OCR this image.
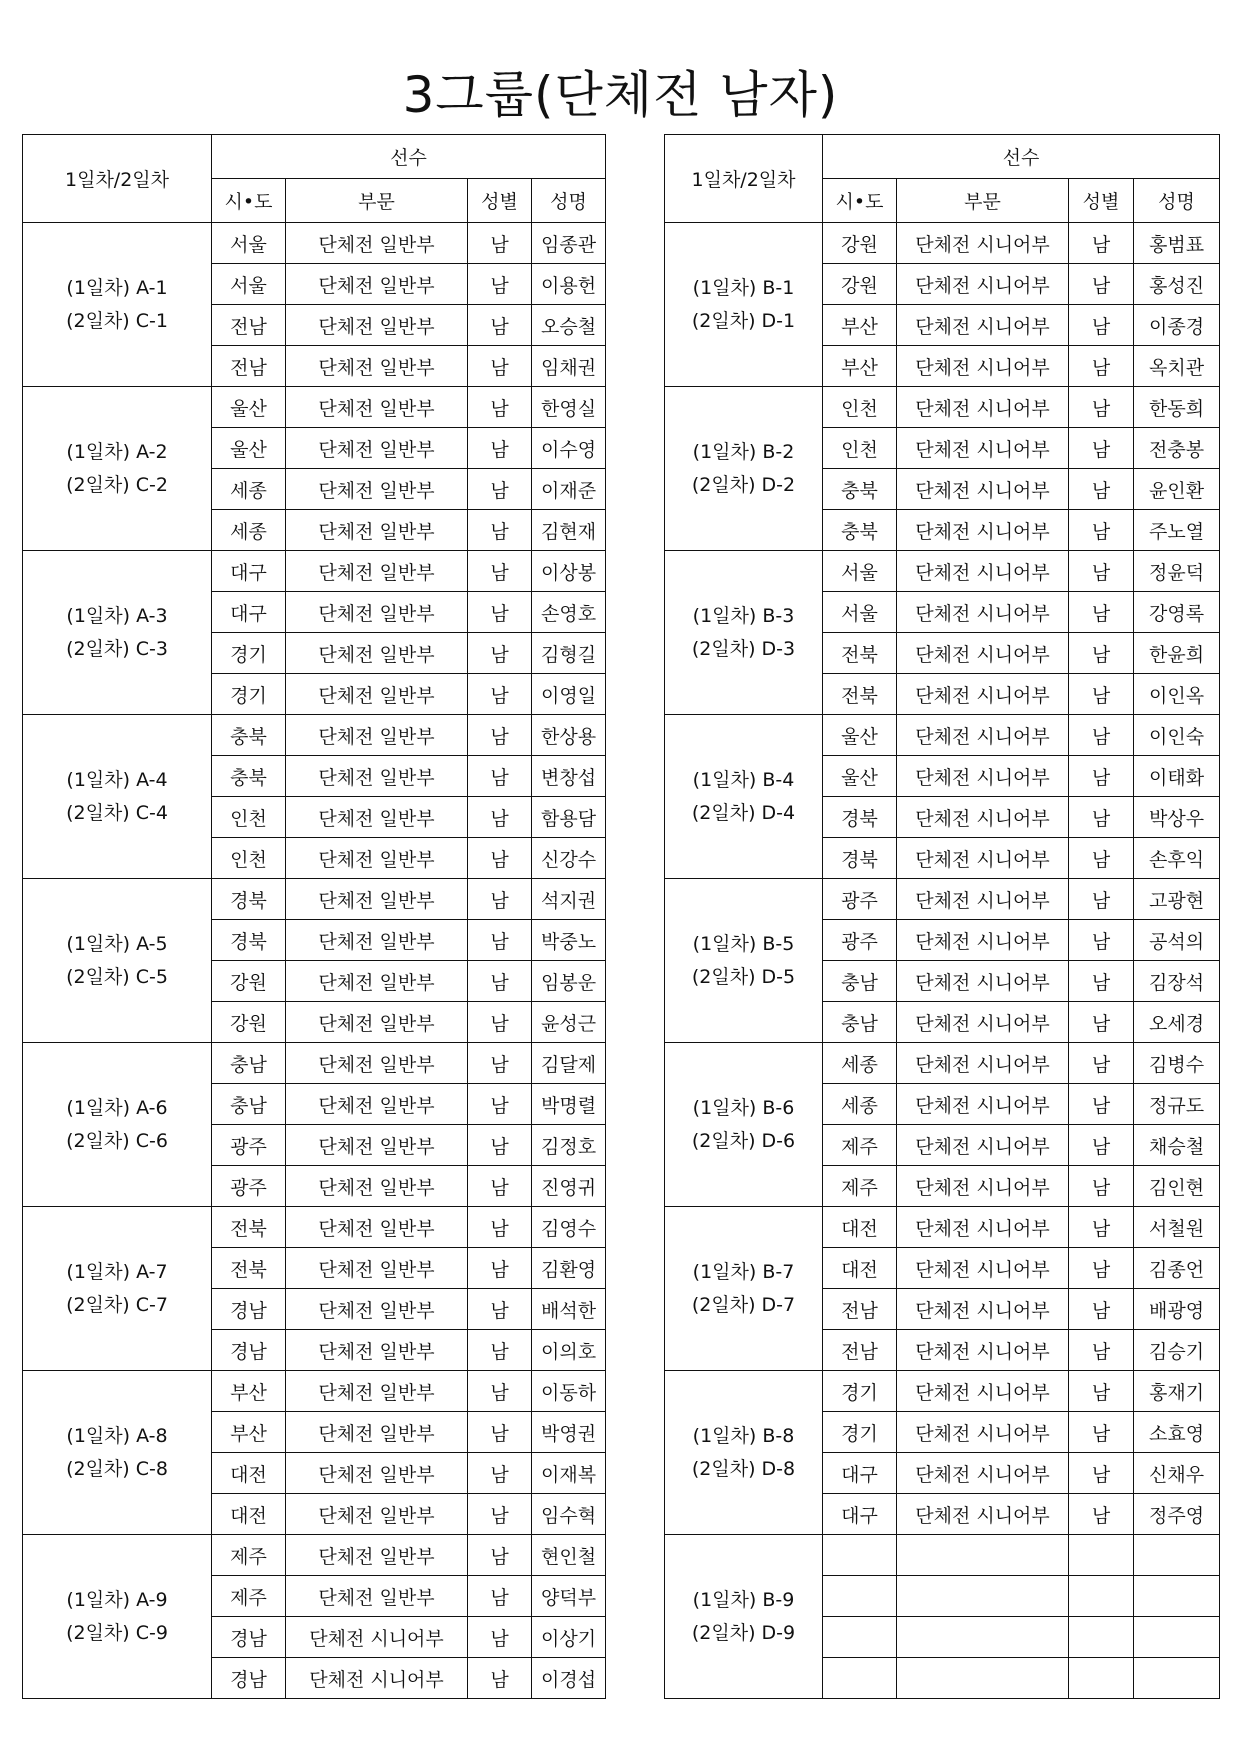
3그룹(단체전 남자)
1일차/2일차	선수			
	시•도	부문	성별	성명

(1일차) A-1
(2일차) C-1	서울	단체전 일반부	남	임종관
	서울	단체전 일반부	남	이용헌
	전남	단체전 일반부	남	오승철
	전남	단체전 일반부	남	임채권

(1일차) A-2
(2일차) C-2	울산	단체전 일반부	남	한영실
	울산	단체전 일반부	남	이수영
	세종	단체전 일반부	남	이재준
	세종	단체전 일반부	남	김현재

(1일차) A-3
(2일차) C-3	대구	단체전 일반부	남	이상봉
	대구	단체전 일반부	남	손영호
	경기	단체전 일반부	남	김형길
	경기	단체전 일반부	남	이영일

(1일차) A-4
(2일차) C-4	충북	단체전 일반부	남	한상용
	충북	단체전 일반부	남	변창섭
	인천	단체전 일반부	남	함용담
	인천	단체전 일반부	남	신강수

(1일차) A-5
(2일차) C-5	경북	단체전 일반부	남	석지권
	경북	단체전 일반부	남	박중노
	강원	단체전 일반부	남	임봉운
	강원	단체전 일반부	남	윤성근

(1일차) A-6
(2일차) C-6	충남	단체전 일반부	남	김달제
	충남	단체전 일반부	남	박명렬
	광주	단체전 일반부	남	김정호
	광주	단체전 일반부	남	진영귀

(1일차) A-7
(2일차) C-7	전북	단체전 일반부	남	김영수
	전북	단체전 일반부	남	김환영
	경남	단체전 일반부	남	배석한
	경남	단체전 일반부	남	이의호

(1일차) A-8
(2일차) C-8	부산	단체전 일반부	남	이동하
	부산	단체전 일반부	남	박영권
	대전	단체전 일반부	남	이재복
	대전	단체전 일반부	남	임수혁

(1일차) A-9
(2일차) C-9	제주	단체전 일반부	남	현인철
	제주	단체전 일반부	남	양덕부
	경남	단체전 시니어부	남	이상기
	경남	단체전 시니어부	남	이경섭
1일차/2일차	선수			
	시•도	부문	성별	성명

(1일차) B-1
(2일차) D-1	강원	단체전 시니어부	남	홍범표
	강원	단체전 시니어부	남	홍성진
	부산	단체전 시니어부	남	이종경
	부산	단체전 시니어부	남	옥치관

(1일차) B-2
(2일차) D-2	인천	단체전 시니어부	남	한동희
	인천	단체전 시니어부	남	전충봉
	충북	단체전 시니어부	남	윤인환
	충북	단체전 시니어부	남	주노열

(1일차) B-3
(2일차) D-3	서울	단체전 시니어부	남	정윤덕
	서울	단체전 시니어부	남	강영록
	전북	단체전 시니어부	남	한윤희
	전북	단체전 시니어부	남	이인옥

(1일차) B-4
(2일차) D-4	울산	단체전 시니어부	남	이인숙
	울산	단체전 시니어부	남	이태화
	경북	단체전 시니어부	남	박상우
	경북	단체전 시니어부	남	손후익

(1일차) B-5
(2일차) D-5	광주	단체전 시니어부	남	고광현
	광주	단체전 시니어부	남	공석의
	충남	단체전 시니어부	남	김장석
	충남	단체전 시니어부	남	오세경

(1일차) B-6
(2일차) D-6	세종	단체전 시니어부	남	김병수
	세종	단체전 시니어부	남	정규도
	제주	단체전 시니어부	남	채승철
	제주	단체전 시니어부	남	김인현

(1일차) B-7
(2일차) D-7	대전	단체전 시니어부	남	서철원
	대전	단체전 시니어부	남	김종언
	전남	단체전 시니어부	남	배광영
	전남	단체전 시니어부	남	김승기

(1일차) B-8
(2일차) D-8	경기	단체전 시니어부	남	홍재기
	경기	단체전 시니어부	남	소효영
	대구	단체전 시니어부	남	신채우
	대구	단체전 시니어부	남	정주영

(1일차) B-9
(2일차) D-9				
